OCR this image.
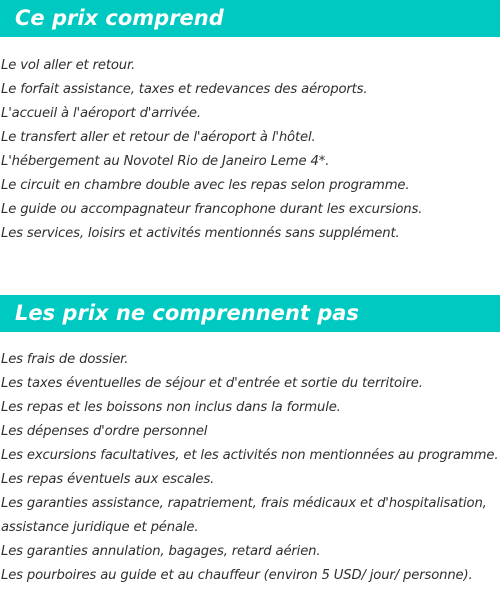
Ce prix comprend
Le vol aller et retour.
Le forfait assistance, taxes et redevances des aéroports.
L'accueil à l'aéroport d'arrivée.
Le transfert aller et retour de l'aéroport à l'hôtel.
L'hébergement au Novotel Rio de Janeiro Leme 4*.
Le circuit en chambre double avec les repas selon programme.
Le guide ou accompagnateur francophone durant les excursions.
Les services, loisirs et activités mentionnés sans supplément.
Les prix ne comprennent pas
Les frais de dossier.
Les taxes éventuelles de séjour et d'entrée et sortie du territoire.
Les repas et les boissons non inclus dans la formule.
Les dépenses d'ordre personnel
Les excursions facultatives, et les activités non mentionnées au programme.
Les repas éventuels aux escales.
Les garanties assistance, rapatriement, frais médicaux et d'hospitalisation,
assistance juridique et pénale.
Les garanties annulation, bagages, retard aérien.
Les pourboires au guide et au chauffeur (environ 5 USD/ jour/ personne).
